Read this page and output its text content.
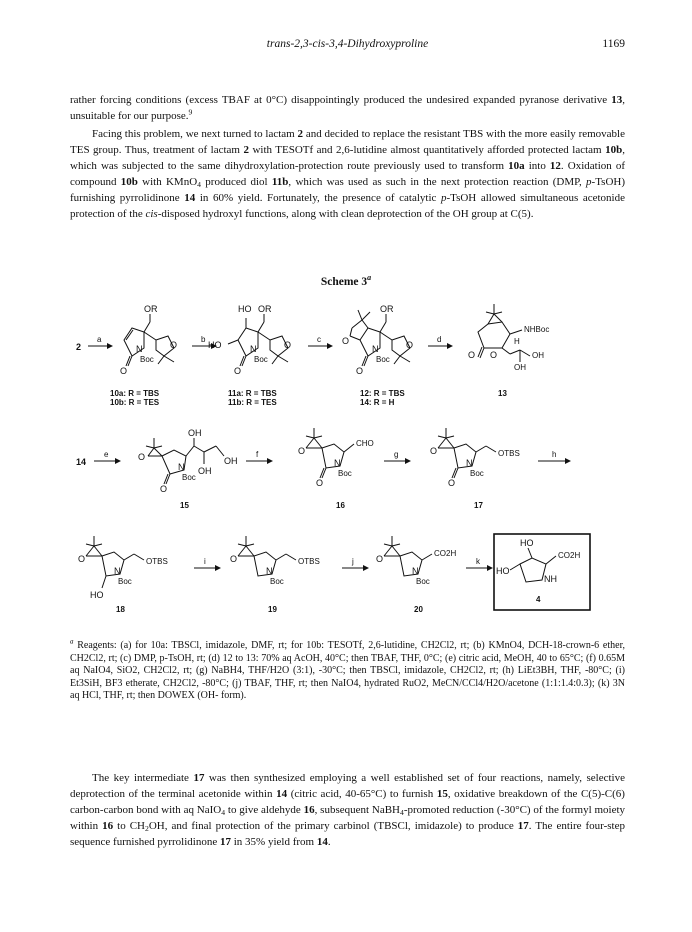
trans-2,3-cis-3,4-Dihydroxyproline	1169

rather forcing conditions (excess TBAF at 0°C) disappointingly produced the undesired expanded pyranose derivative 13, unsuitable for our purpose.$^9$

Facing this problem, we next turned to lactam 2 and decided to replace the resistant TBS with the more easily removable TES group. Thus, treatment of lactam 2 with TESOTf and 2,6-lutidine almost quantitatively afforded protected lactam 10b, which was subjected to the same dihydroxylation-protection route previously used to transform 10a into 12. Oxidation of compound 10b with KMnO$_4$ produced diol 11b, which was used as such in the next protection reaction (DMP, p-TsOH) furnishing pyrrolidinone 14 in 60% yield. Fortunately, the presence of catalytic p-TsOH allowed simultaneous acetonide protection of the cis-disposed hydroxyl functions, along with clean deprotection of the OH group at C(5).

Scheme 3$^a$
2
a
OR
N
Boc
O
O
10a: R = TBS
10b: R = TES
b
HO OR
HO	N
Boc
O
O
11a: R = TBS
11b: R = TES
c
OR
O
N
Boc
O
O
12: R = TBS
14: R = H
d
NHBoc
H
OH
OH
O O
13
14
e
OH
O
N
Boc
OH
OH
O
15
f
CHO
O
N
Boc
O
16
g	OTBS
O
N
Boc
O
17
h
OTBS
O
N
Boc
HO
18
i	OTBS
O
N
Boc
19
j
CO2H
O
N
Boc
20
k
HO
CO2H
HO
NH
4

$^a$ Reagents: (a) for 10a: TBSCl, imidazole, DMF, rt; for 10b: TESOTf, 2,6-lutidine, CH2Cl2, rt; (b) KMnO4, DCH-18-crown-6 ether, CH2Cl2, rt; (c) DMP, p-TsOH, rt; (d) 12 to 13: 70% aq AcOH, 40°C; then TBAF, THF, 0°C; (e) citric acid, MeOH, 40 to 65°C; (f) 0.65M aq NaIO4, SiO2, CH2Cl2, rt; (g) NaBH4, THF/H2O (3:1), -30°C; then TBSCl, imidazole, CH2Cl2, rt; (h) LiEt3BH, THF, -80°C; (i) Et3SiH, BF3 etherate, CH2Cl2, -80°C; (j) TBAF, THF, rt; then NaIO4, hydrated RuO2, MeCN/CCl4/H2O/acetone (1:1:1.4:0.3); (k) 3N aq HCl, THF, rt; then DOWEX (OH- form).

The key intermediate 17 was then synthesized employing a well established set of four reactions, namely, selective deprotection of the terminal acetonide within 14 (citric acid, 40-65°C) to furnish 15, oxidative breakdown of the C(5)-C(6) carbon-carbon bond with aq NaIO$_4$ to give aldehyde 16, subsequent NaBH$_4$-promoted reduction (-30°C) of the formyl moiety within 16 to $CH_2OH$, and final protection of the primary carbinol (TBSCl, imidazole) to produce 17. The entire four-step sequence furnished pyrrolidinone 17 in 35% yield from 14.
